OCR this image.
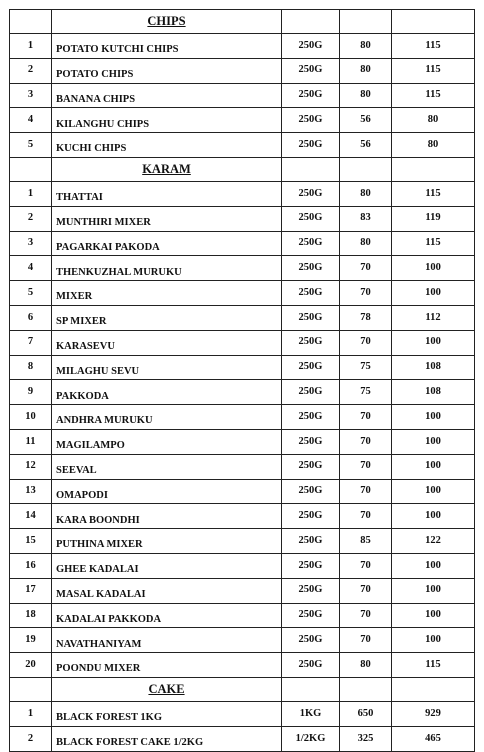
	CHIPS			
1	POTATO KUTCHI CHIPS	250G	80	115
2	POTATO CHIPS	250G	80	115
3	BANANA CHIPS	250G	80	115
4	KILANGHU CHIPS	250G	56	80
5	KUCHI CHIPS	250G	56	80
	KARAM			
1	THATTAI	250G	80	115
2	MUNTHIRI MIXER	250G	83	119
3	PAGARKAI PAKODA	250G	80	115
4	THENKUZHAL MURUKU	250G	70	100
5	MIXER	250G	70	100
6	SP MIXER	250G	78	112
7	KARASEVU	250G	70	100
8	MILAGHU SEVU	250G	75	108
9	PAKKODA	250G	75	108
10	ANDHRA MURUKU	250G	70	100
11	MAGILAMPO	250G	70	100
12	SEEVAL	250G	70	100
13	OMAPODI	250G	70	100
14	KARA BOONDHI	250G	70	100
15	PUTHINA MIXER	250G	85	122
16	GHEE KADALAI	250G	70	100
17	MASAL KADALAI	250G	70	100
18	KADALAI PAKKODA	250G	70	100
19	NAVATHANIYAM	250G	70	100
20	POONDU MIXER	250G	80	115
	CAKE			
1	BLACK FOREST 1KG	1KG	650	929
2	BLACK FOREST CAKE 1/2KG	1/2KG	325	465
